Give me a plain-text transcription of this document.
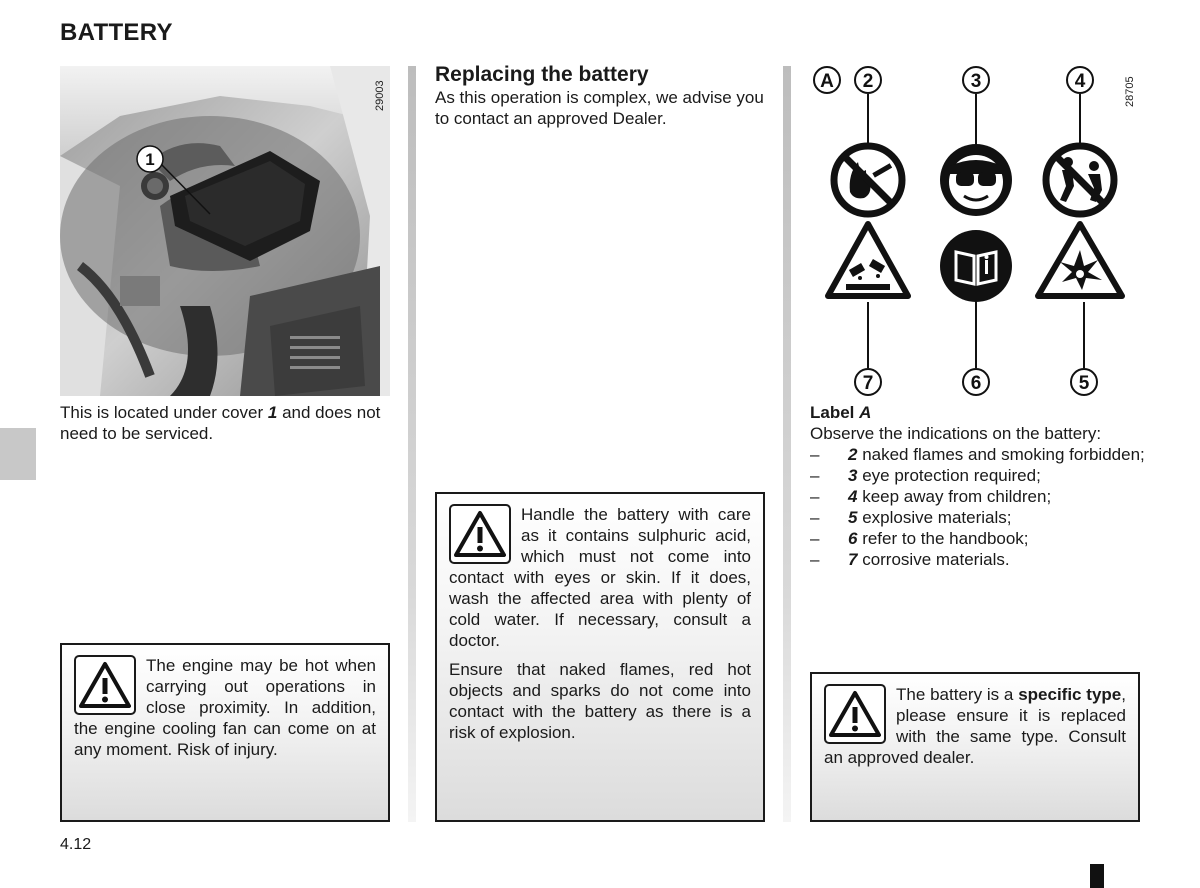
BATTERY
1
29003
This is located under cover 1 and does not need to be serviced.
The engine may be hot when carrying out operations in close proximity. In addition, the engine cooling fan can come on at any moment. Risk of injury.
Replacing the battery
As this operation is complex, we advise you to contact an approved Dealer.

Handle the battery with care as it contains sulphuric acid, which must not come into contact with eyes or skin. If it does, wash the affected area with plenty of cold water. If necessary, consult a doctor.

Ensure that naked flames, red hot objects and sparks do not come into contact with the battery as there is a risk of explosion.

A 2	3	4
7	6	5
28705
Label A
Observe the indications on the battery:
– 2 naked flames and smoking forbidden;
– 3 eye protection required;
– 4 keep away from children;
– 5 explosive materials;
– 6 refer to the handbook;
– 7 corrosive materials.
The battery is a specific type, please ensure it is replaced with the same type. Consult an approved dealer.
4.12
